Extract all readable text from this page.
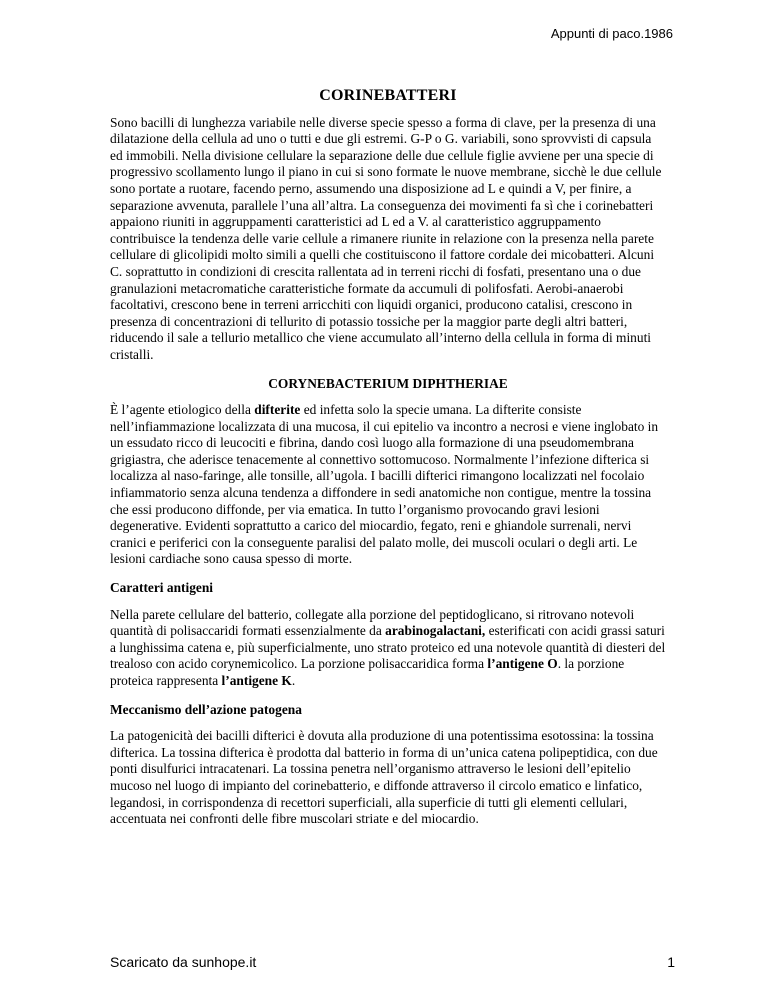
Appunti di paco.1986
CORINEBATTERI

Sono bacilli di lunghezza variabile nelle diverse specie spesso a forma di clave, per la presenza di una dilatazione della cellula ad uno o tutti e due gli estremi. G-P o G. variabili, sono sprovvisti di capsula ed immobili. Nella divisione cellulare la separazione delle due cellule figlie avviene per una specie di progressivo scollamento lungo il piano in cui si sono formate le nuove membrane, sicchè le due cellule sono portate a ruotare, facendo perno, assumendo una disposizione ad L e quindi a V, per finire, a separazione avvenuta, parallele l’una all’altra. La conseguenza dei movimenti fa sì che i corinebatteri appaiono riuniti in aggruppamenti caratteristici ad L ed a V. al caratteristico aggruppamento contribuisce la tendenza delle varie cellule a rimanere riunite in relazione con la presenza nella parete cellulare di glicolipidi molto simili a quelli che costituiscono il fattore cordale dei micobatteri. Alcuni C. soprattutto in condizioni di crescita rallentata ad in terreni ricchi di fosfati, presentano una o due granulazioni metacromatiche caratteristiche formate da accumuli di polifosfati. Aerobi-anaerobi facoltativi, crescono bene in terreni arricchiti con liquidi organici, producono catalisi, crescono in presenza di concentrazioni di tellurito di potassio tossiche per la maggior parte degli altri batteri, riducendo il sale a tellurio metallico che viene accumulato all’interno della cellula in forma di minuti cristalli.

CORYNEBACTERIUM DIPHTHERIAE

È l’agente etiologico della difterite ed infetta solo la specie umana. La difterite consiste nell’infiammazione localizzata di una mucosa, il cui epitelio va incontro a necrosi e viene inglobato in un essudato ricco di leucociti e fibrina, dando così luogo alla formazione di una pseudomembrana grigiastra, che aderisce tenacemente al connettivo sottomucoso. Normalmente l’infezione difterica si localizza al naso-faringe, alle tonsille, all’ugola. I bacilli difterici rimangono localizzati nel focolaio infiammatorio senza alcuna tendenza a diffondere in sedi anatomiche non contigue, mentre la tossina che essi producono diffonde, per via ematica. In tutto l’organismo provocando gravi lesioni degenerative. Evidenti soprattutto a carico del miocardio, fegato, reni e ghiandole surrenali, nervi cranici e periferici con la conseguente paralisi del palato molle, dei muscoli oculari o degli arti. Le lesioni cardiache sono causa spesso di morte.

Caratteri antigeni

Nella parete cellulare del batterio, collegate alla porzione del peptidoglicano, si ritrovano notevoli quantità di polisaccaridi formati essenzialmente da arabinogalactani, esterificati con acidi grassi saturi a lunghissima catena e, più superficialmente, uno strato proteico ed una notevole quantità di diesteri del trealoso con acido corynemicolico. La porzione polisaccaridica forma l’antigene O. la porzione proteica rappresenta l’antigene K.

Meccanismo dell’azione patogena

La patogenicità dei bacilli difterici è dovuta alla produzione di una potentissima esotossina: la tossina difterica. La tossina difterica è prodotta dal batterio in forma di un’unica catena polipeptidica, con due ponti disulfurici intracatenari. La tossina penetra nell’organismo attraverso le lesioni dell’epitelio mucoso nel luogo di impianto del corinebatterio, e diffonde attraverso il circolo ematico e linfatico, legandosi, in corrispondenza di recettori superficiali, alla superficie di tutti gli elementi cellulari, accentuata nei confronti delle fibre muscolari striate e del miocardio.

Scaricato da sunhope.it	1
